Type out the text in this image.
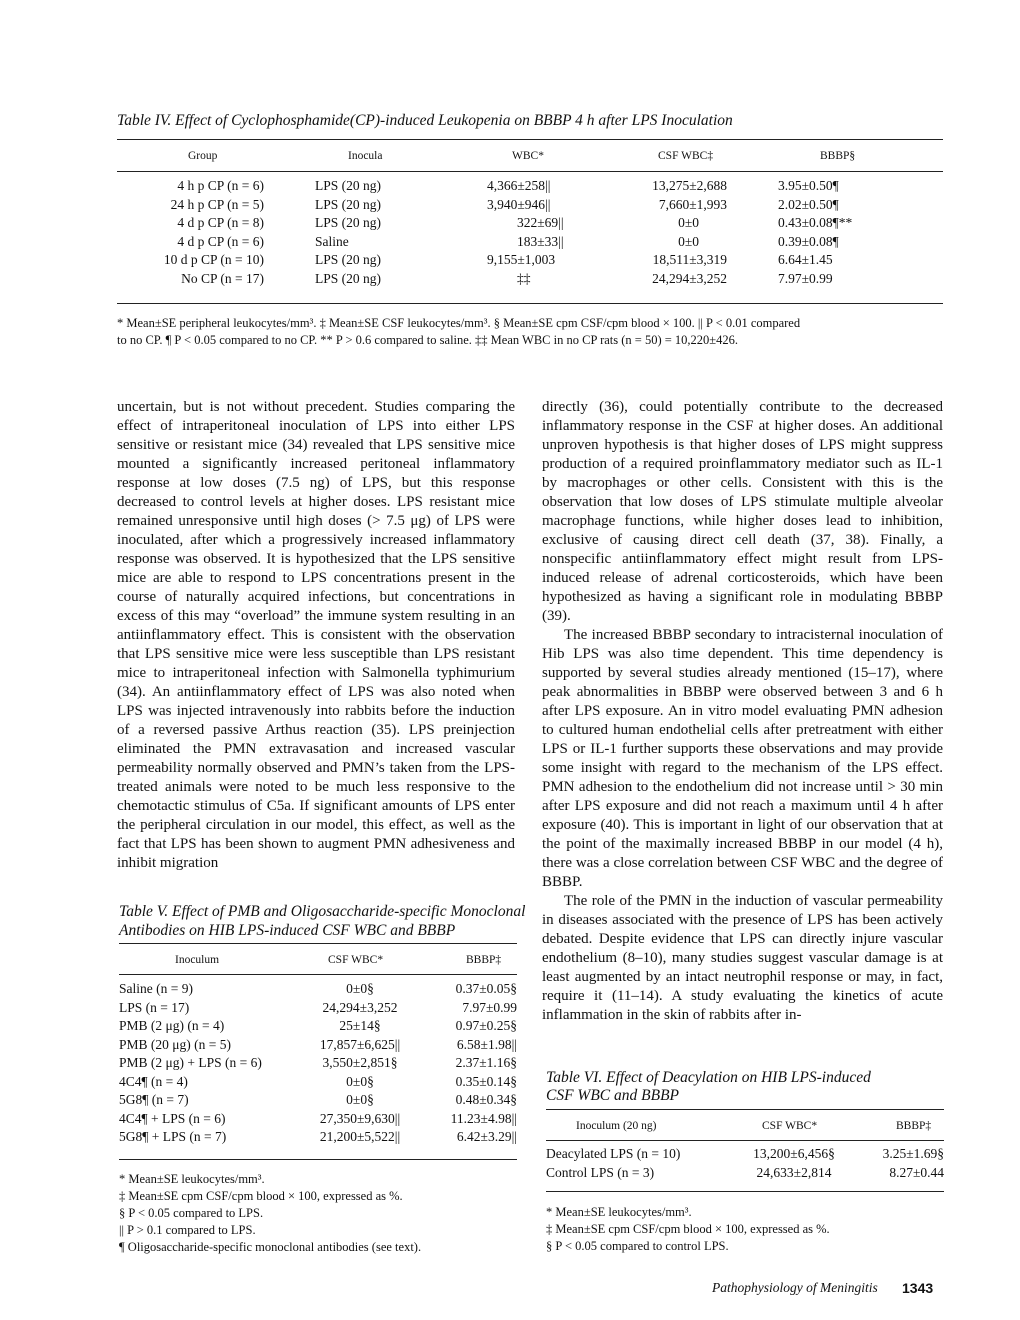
Table IV. Effect of Cyclophosphamide(CP)-induced Leukopenia on BBBP 4 h after LPS Inoculation
Group	Inocula	WBC*	CSF WBC‡	BBBP§
4 h p CP (n = 6)	LPS (20 ng)	4,366±258||	13,275±2,688	3.95±0.50¶
24 h p CP (n = 5)	LPS (20 ng)	3,940±946||	7,660±1,993	2.02±0.50¶
4 d p CP (n = 8)	LPS (20 ng)	322±69||	0±0	0.43±0.08¶**
4 d p CP (n = 6)	Saline	183±33||	0±0	0.39±0.08¶
10 d p CP (n = 10)	LPS (20 ng)	9,155±1,003	18,511±3,319	6.64±1.45
No CP (n = 17)	LPS (20 ng)	‡‡	24,294±3,252	7.97±0.99
* Mean±SE peripheral leukocytes/mm³. ‡ Mean±SE CSF leukocytes/mm³. § Mean±SE cpm CSF/cpm blood × 100. || P < 0.01 compared
to no CP. ¶ P < 0.05 compared to no CP. ** P > 0.6 compared to saline. ‡‡ Mean WBC in no CP rats (n = 50) = 10,220±426.

uncertain, but is not without precedent. Studies comparing the effect of intraperitoneal inoculation of LPS into either LPS sensitive or resistant mice (34) revealed that LPS sensitive mice mounted a significantly increased peritoneal inflammatory response at low doses (7.5 ng) of LPS, but this response decreased to control levels at higher doses. LPS resistant mice remained unresponsive until high doses (> 7.5 μg) of LPS were inoculated, after which a progressively increased inflammatory response was observed. It is hypothesized that the LPS sensitive mice are able to respond to LPS concentrations present in the course of naturally acquired infections, but concentrations in excess of this may “overload” the immune system resulting in an antiinflammatory effect. This is consistent with the observation that LPS sensitive mice were less susceptible than LPS resistant mice to intraperitoneal infection with Salmonella typhimurium (34). An antiinflammatory effect of LPS was also noted when LPS was injected intravenously into rabbits before the induction of a reversed passive Arthus reaction (35). LPS preinjection eliminated the PMN extravasation and increased vascular permeability normally observed and PMN’s taken from the LPS-treated animals were noted to be much less responsive to the chemotactic stimulus of C5a. If significant amounts of LPS enter the peripheral circulation in our model, this effect, as well as the fact that LPS has been shown to augment PMN adhesiveness and inhibit migration

Table V. Effect of PMB and Oligosaccharide-specific Monoclonal
Antibodies on HIB LPS-induced CSF WBC and BBBP
Inoculum	CSF WBC*	BBBP‡
Saline (n = 9)	0±0§	0.37±0.05§
LPS (n = 17)	24,294±3,252	7.97±0.99
PMB (2 μg) (n = 4)	25±14§	0.97±0.25§
PMB (20 μg) (n = 5)	17,857±6,625||	6.58±1.98||
PMB (2 μg) + LPS (n = 6)	3,550±2,851§	2.37±1.16§
4C4¶ (n = 4)	0±0§	0.35±0.14§
5G8¶ (n = 7)	0±0§	0.48±0.34§
4C4¶ + LPS (n = 6)	27,350±9,630||	11.23±4.98||
5G8¶ + LPS (n = 7)	21,200±5,522||	6.42±3.29||
* Mean±SE leukocytes/mm³.
‡ Mean±SE cpm CSF/cpm blood × 100, expressed as %.
§ P < 0.05 compared to LPS.
|| P > 0.1 compared to LPS.
¶ Oligosaccharide-specific monoclonal antibodies (see text).

directly (36), could potentially contribute to the decreased inflammatory response in the CSF at higher doses. An additional unproven hypothesis is that higher doses of LPS might suppress production of a required proinflammatory mediator such as IL-1 by macrophages or other cells. Consistent with this is the observation that low doses of LPS stimulate multiple alveolar macrophage functions, while higher doses lead to inhibition, exclusive of causing direct cell death (37, 38). Finally, a nonspecific antiinflammatory effect might result from LPS-induced release of adrenal corticosteroids, which have been hypothesized as having a significant role in modulating BBBP (39).

The increased BBBP secondary to intracisternal inoculation of Hib LPS was also time dependent. This time dependency is supported by several studies already mentioned (15–17), where peak abnormalities in BBBP were observed between 3 and 6 h after LPS exposure. An in vitro model evaluating PMN adhesion to cultured human endothelial cells after pretreatment with either LPS or IL-1 further supports these observations and may provide some insight with regard to the mechanism of the LPS effect. PMN adhesion to the endothelium did not increase until > 30 min after LPS exposure and did not reach a maximum until 4 h after exposure (40). This is important in light of our observation that at the point of the maximally increased BBBP in our model (4 h), there was a close correlation between CSF WBC and the degree of BBBP.

The role of the PMN in the induction of vascular permeability in diseases associated with the presence of LPS has been actively debated. Despite evidence that LPS can directly injure vascular endothelium (8–10), many studies suggest vascular damage is at least augmented by an intact neutrophil response or may, in fact, require it (11–14). A study evaluating the kinetics of acute inflammation in the skin of rabbits after in-

Table VI. Effect of Deacylation on HIB LPS-induced
CSF WBC and BBBP
Inoculum (20 ng)	CSF WBC*	BBBP‡
Deacylated LPS (n = 10)	13,200±6,456§	3.25±1.69§
Control LPS (n = 3)	24,633±2,814	8.27±0.44
* Mean±SE leukocytes/mm³.
‡ Mean±SE cpm CSF/cpm blood × 100, expressed as %.
§ P < 0.05 compared to control LPS.
Pathophysiology of Meningitis 1343
